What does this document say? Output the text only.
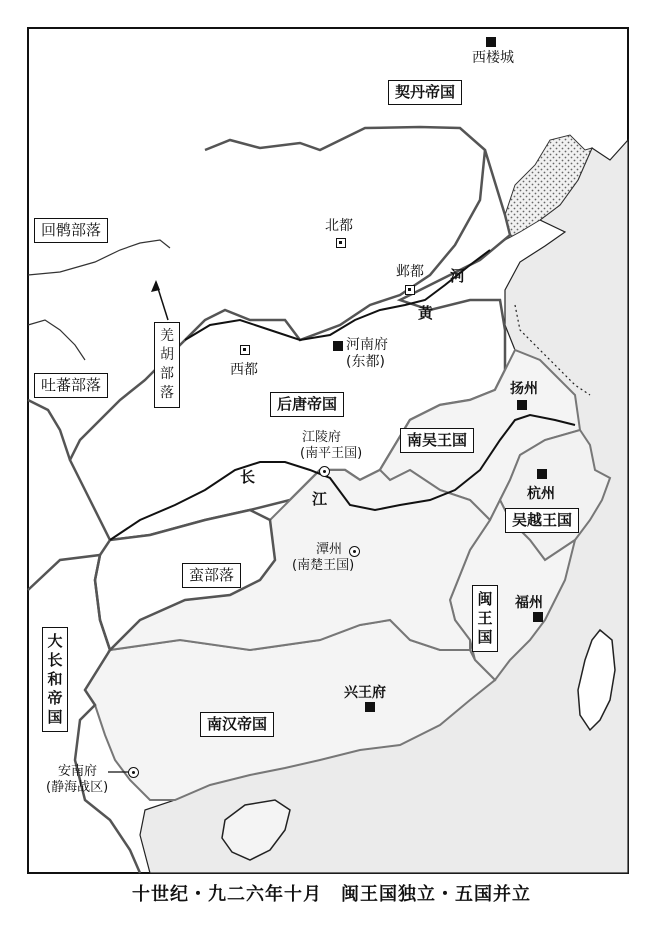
契丹帝国
后唐帝国
南吴王国
吴越王国
闽王国
南汉帝国
大长和帝国
回鹘部落
吐蕃部落
羌胡部落
蛮部落
西楼城
北都
邺都
河南府
(东都)
西都
扬州
杭州
福州
兴王府
江陵府
(南平王国)
潭州
(南楚王国)
安南府
(静海战区)
河
黄
长
江
十世纪・九二六年十月　闽王国独立・五国并立
